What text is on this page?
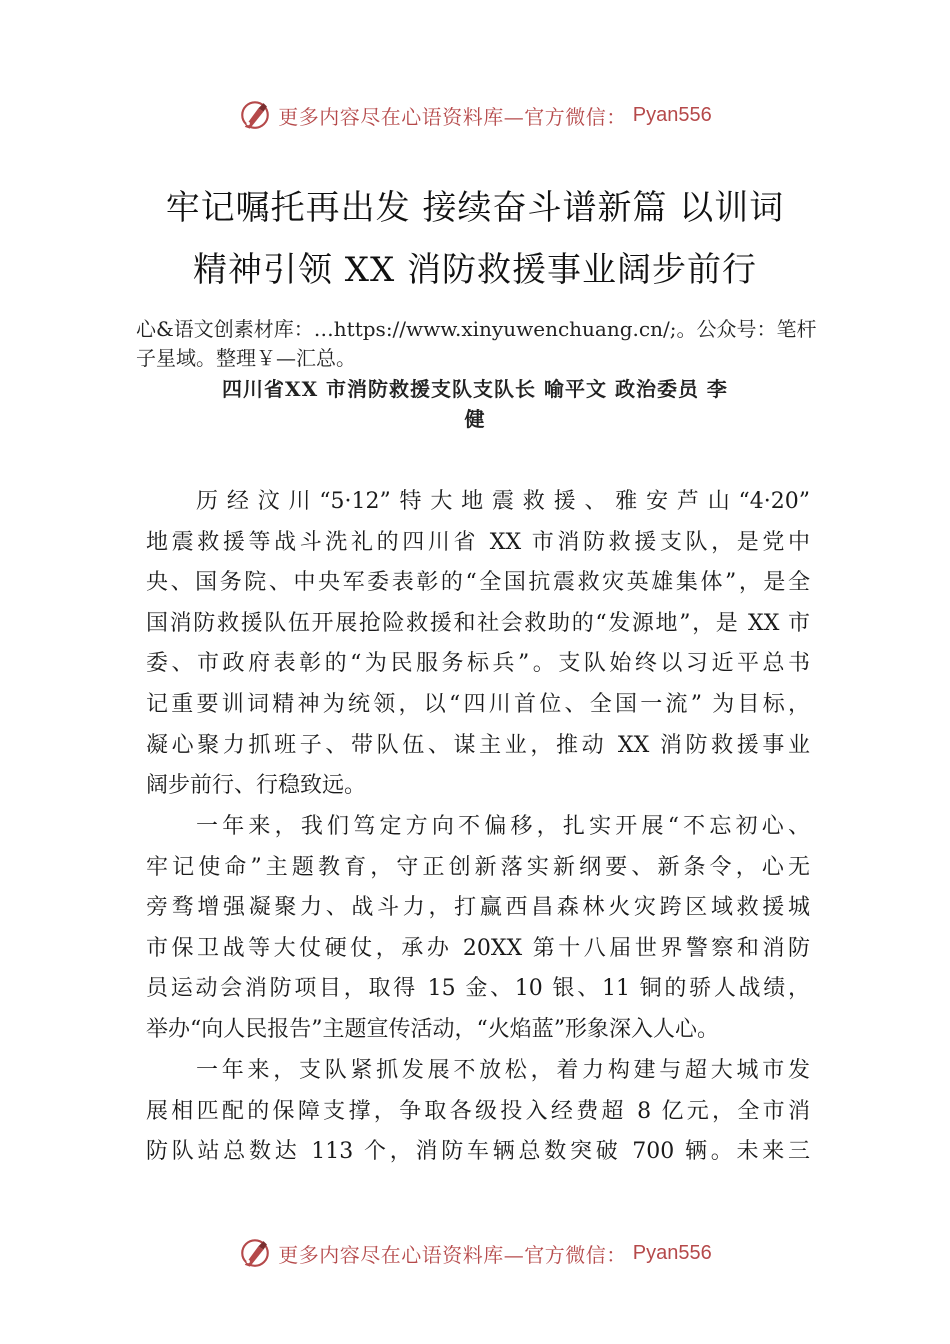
更多内容尽在心语资料库—官方微信： Pyan556
牢记嘱托再出发 接续奋斗谱新篇 以训词
精神引领 XX 消防救援事业阔步前行

心&语文创素材库：…https://www.xinyuwenchuang.cn/;。公众号：笔杆子星域。整理￥—汇总。

四川省XX 市消防救援支队支队长 喻平文 政治委员 李
健
历经汶川“5·12”特大地震救援、雅安芦山“4·20”
地震救援等战斗洗礼的四川省 XX 市消防救援支队，是党中
央、国务院、中央军委表彰的“全国抗震救灾英雄集体”，是全
国消防救援队伍开展抢险救援和社会救助的“发源地”，是 XX 市
委、市政府表彰的“为民服务标兵”。支队始终以习近平总书
记重要训词精神为统领，以“四川首位、全国一流” 为目标，
凝心聚力抓班子、带队伍、谋主业，推动 XX 消防救援事业
阔步前行、行稳致远。
一年来，我们笃定方向不偏移，扎实开展“不忘初心、
牢记使命”主题教育，守正创新落实新纲要、新条令，心无
旁骛增强凝聚力、战斗力，打赢西昌森林火灾跨区域救援城
市保卫战等大仗硬仗，承办 20XX 第十八届世界警察和消防
员运动会消防项目，取得 15 金、10 银、11 铜的骄人战绩，
举办“向人民报告”主题宣传活动，“火焰蓝”形象深入人心。
一年来，支队紧抓发展不放松，着力构建与超大城市发
展相匹配的保障支撑，争取各级投入经费超 8 亿元，全市消
防队站总数达 113 个，消防车辆总数突破 700 辆。未来三
更多内容尽在心语资料库—官方微信： Pyan556
